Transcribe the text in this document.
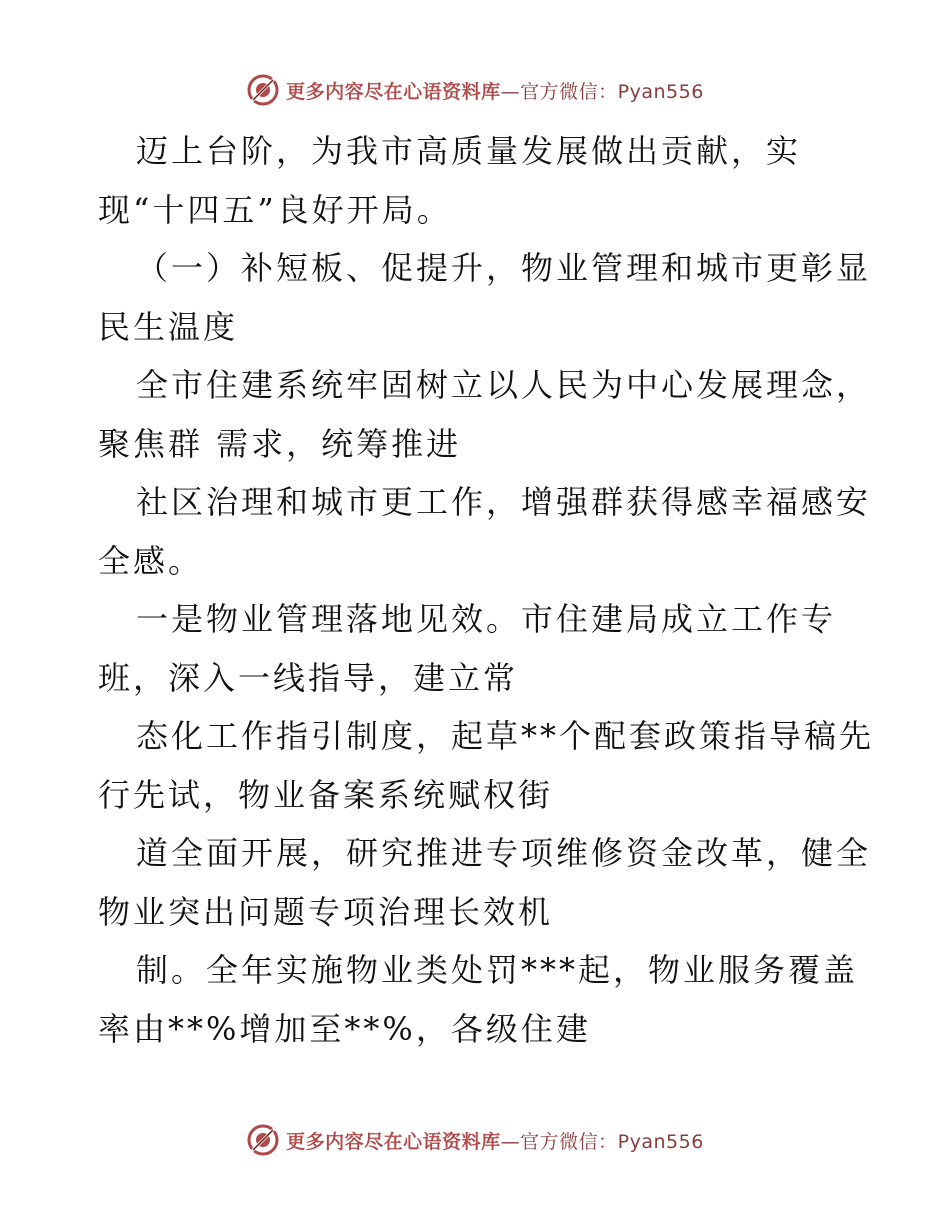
更多内容尽在心语资料库—官方微信：Pyan556
迈上台阶，为我市高质量发展做出贡献，实
现“十四五”良好开局。
（一）补短板、促提升，物业管理和城市更彰显
民生温度
全市住建系统牢固树立以人民为中心发展理念，
聚焦群 需求，统筹推进
社区治理和城市更工作，增强群获得感幸福感安
全感。
一是物业管理落地见效。市住建局成立工作专
班，深入一线指导，建立常
态化工作指引制度，起草**个配套政策指导稿先
行先试，物业备案系统赋权街
道全面开展，研究推进专项维修资金改革，健全
物业突出问题专项治理长效机
制。全年实施物业类处罚***起，物业服务覆盖
率由**%增加至**%，各级住建
更多内容尽在心语资料库—官方微信：Pyan556
